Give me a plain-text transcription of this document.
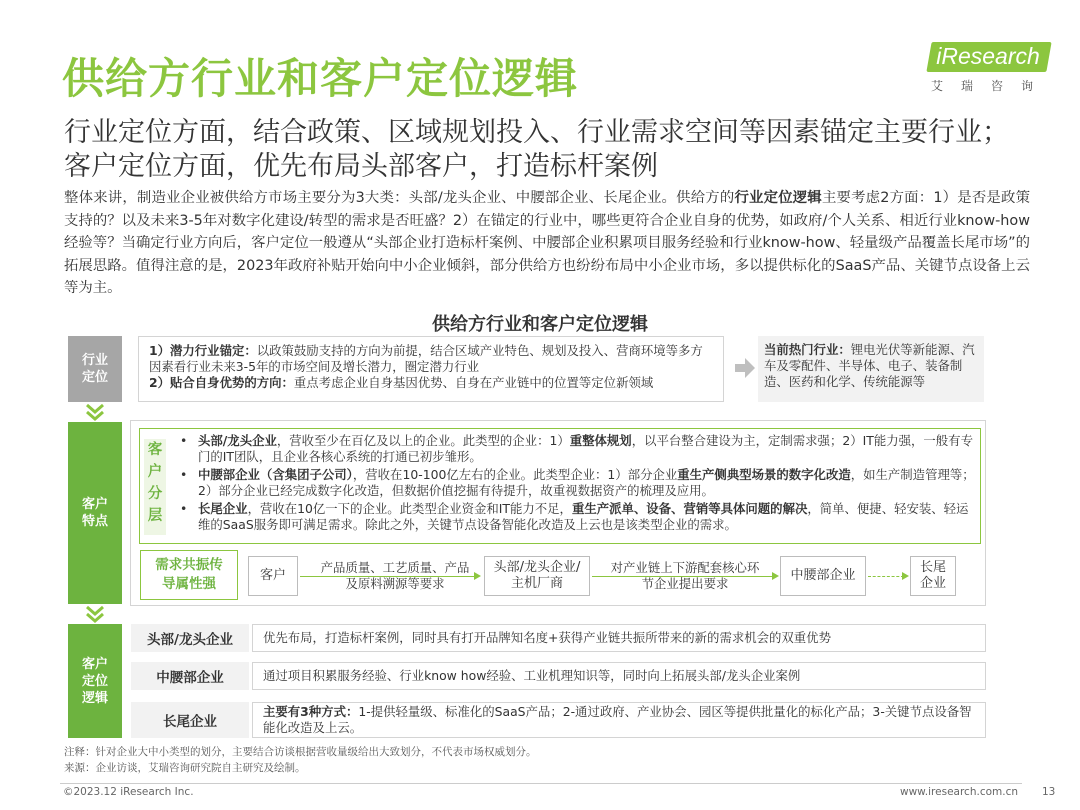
供给方行业和客户定位逻辑	iResearch
艾瑞咨询
行业定位方面，结合政策、区域规划投入、行业需求空间等因素锚定主要行业；客户定位方面，优先布局头部客户，打造标杆案例
整体来讲，制造业企业被供给方市场主要分为3大类：头部/龙头企业、中腰部企业、长尾企业。供给方的行业定位逻辑主要考虑2方面：1）是否是政策支持的？以及未来3-5年对数字化建设/转型的需求是否旺盛？2）在锚定的行业中，哪些更符合企业自身的优势，如政府/个人关系、相近行业know-how经验等？当确定行业方向后，客户定位一般遵从“头部企业打造标杆案例、中腰部企业积累项目服务经验和行业know-how、轻量级产品覆盖长尾市场”的拓展思路。值得注意的是，2023年政府补贴开始向中小企业倾斜，部分供给方也纷纷布局中小企业市场，多以提供标化的SaaS产品、关键节点设备上云等为主。
供给方行业和客户定位逻辑
行业定位
1）潜力行业锚定：以政策鼓励支持的方向为前提，结合区域产业特色、规划及投入、营商环境等多方因素看行业未来3-5年的市场空间及增长潜力，圈定潜力行业
2）贴合自身优势的方向：重点考虑企业自身基因优势、自身在产业链中的位置等定位新领域
当前热门行业：锂电光伏等新能源、汽车及零配件、半导体、电子、装备制造、医药和化学、传统能源等
客户特点
客户分层
• 头部/龙头企业，营收至少在百亿及以上的企业。此类型的企业：1）重整体规划，以平台整合建设为主，定制需求强；2）IT能力强，一般有专门的IT团队，且企业各核心系统的打通已初步雏形。
• 中腰部企业（含集团子公司），营收在10-100亿左右的企业。此类型企业：1）部分企业重生产侧典型场景的数字化改造，如生产制造管理等；2）部分企业已经完成数字化改造，但数据价值挖掘有待提升，故重视数据资产的梳理及应用。
• 长尾企业，营收在10亿一下的企业。此类型企业资金和IT能力不足，重生产派单、设备、营销等具体问题的解决，简单、便捷、轻安装、轻运维的SaaS服务即可满足需求。除此之外，关键节点设备智能化改造及上云也是该类型企业的需求。
需求共振传导属性强
客户
产品质量、工艺质量、产品及原料溯源等要求
头部/龙头企业/主机厂商
对产业链上下游配套核心环节企业提出要求
中腰部企业
长尾企业
客户定位逻辑
头部/龙头企业	优先布局，打造标杆案例，同时具有打开品牌知名度+获得产业链共振所带来的新的需求机会的双重优势
中腰部企业	通过项目积累服务经验、行业know how经验、工业机理知识等，同时向上拓展头部/龙头企业案例
长尾企业
主要有3种方式：1-提供轻量级、标准化的SaaS产品；2-通过政府、产业协会、园区等提供批量化的标化产品；3-关键节点设备智能化改造及上云。
注释：针对企业大中小类型的划分，主要结合访谈根据营收量级给出大致划分，不代表市场权威划分。
来源：企业访谈，艾瑞咨询研究院自主研究及绘制。
©2023.12 iResearch Inc.	www.iresearch.com.cn 13
